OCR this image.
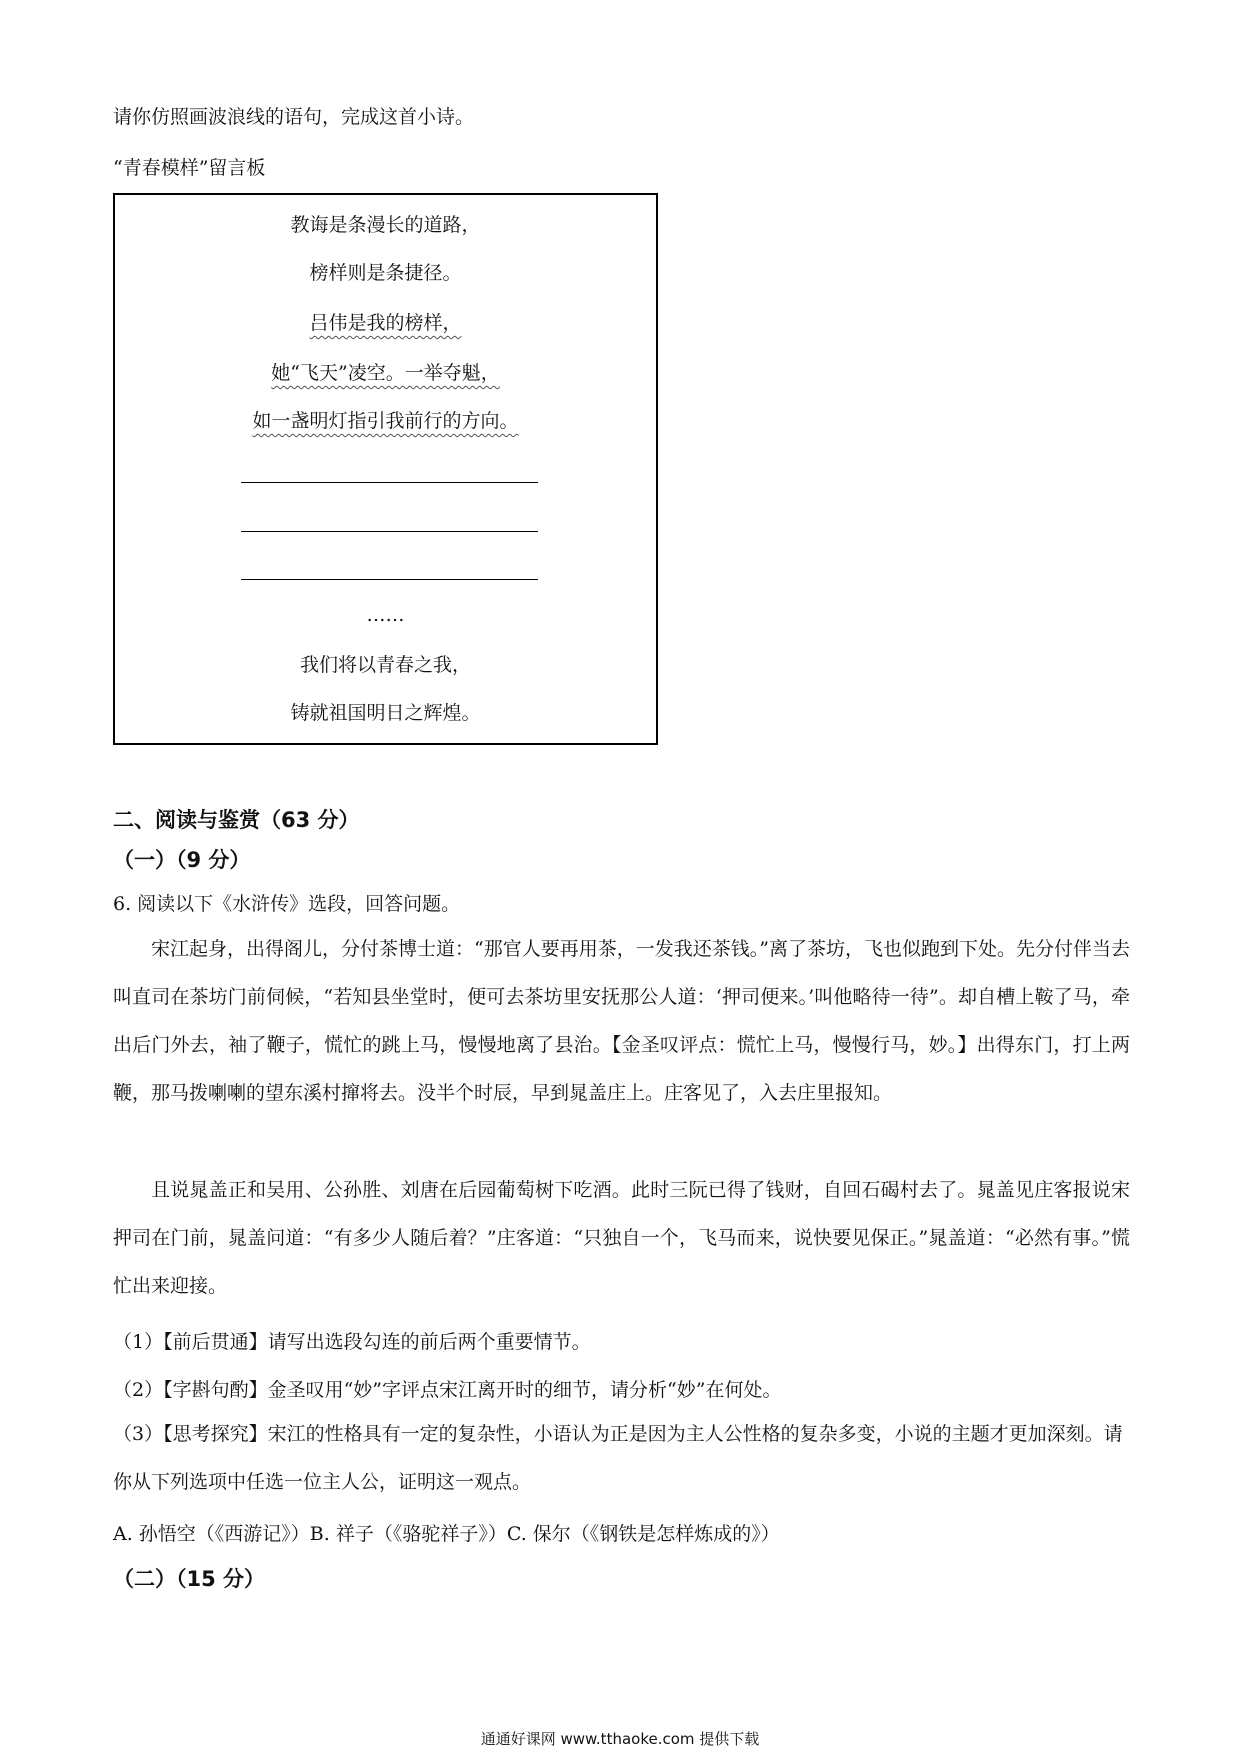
请你仿照画波浪线的语句，完成这首小诗。
“青春模样”留言板
教诲是条漫长的道路，
榜样则是条捷径。
吕伟是我的榜样，
她“飞天”凌空。一举夺魁，
如一盏明灯指引我前行的方向。
……
我们将以青春之我，
铸就祖国明日之辉煌。
二、阅读与鉴赏（63 分）
（一）（9 分）
6. 阅读以下《水浒传》选段，回答问题。
宋江起身，出得阁儿，分付茶博士道：“那官人要再用茶，一发我还茶钱。”离了茶坊，飞也似跑到下处。先分付伴当去叫直司在茶坊门前伺候，“若知县坐堂时，便可去茶坊里安抚那公人道：‘押司便来。’叫他略待一待”。却自槽上鞍了马，牵出后门外去，袖了鞭子，慌忙的跳上马，慢慢地离了县治。【金圣叹评点：慌忙上马，慢慢行马，妙。】出得东门，打上两鞭，那马拨喇喇的望东溪村撺将去。没半个时辰，早到晁盖庄上。庄客见了，入去庄里报知。
且说晁盖正和吴用、公孙胜、刘唐在后园葡萄树下吃酒。此时三阮已得了钱财，自回石碣村去了。晁盖见庄客报说宋押司在门前，晁盖问道：“有多少人随后着？”庄客道：“只独自一个，飞马而来，说快要见保正。”晁盖道：“必然有事。”慌忙出来迎接。
（1）【前后贯通】请写出选段勾连的前后两个重要情节。
（2）【字斟句酌】金圣叹用“妙”字评点宋江离开时的细节，请分析“妙”在何处。
（3）【思考探究】宋江的性格具有一定的复杂性，小语认为正是因为主人公性格的复杂多变，小说的主题才更加深刻。请你从下列选项中任选一位主人公，证明这一观点。
A. 孙悟空（《西游记》）B. 祥子（《骆驼祥子》）C. 保尔（《钢铁是怎样炼成的》）
（二）（15 分）
通通好课网 www.tthaoke.com 提供下载
